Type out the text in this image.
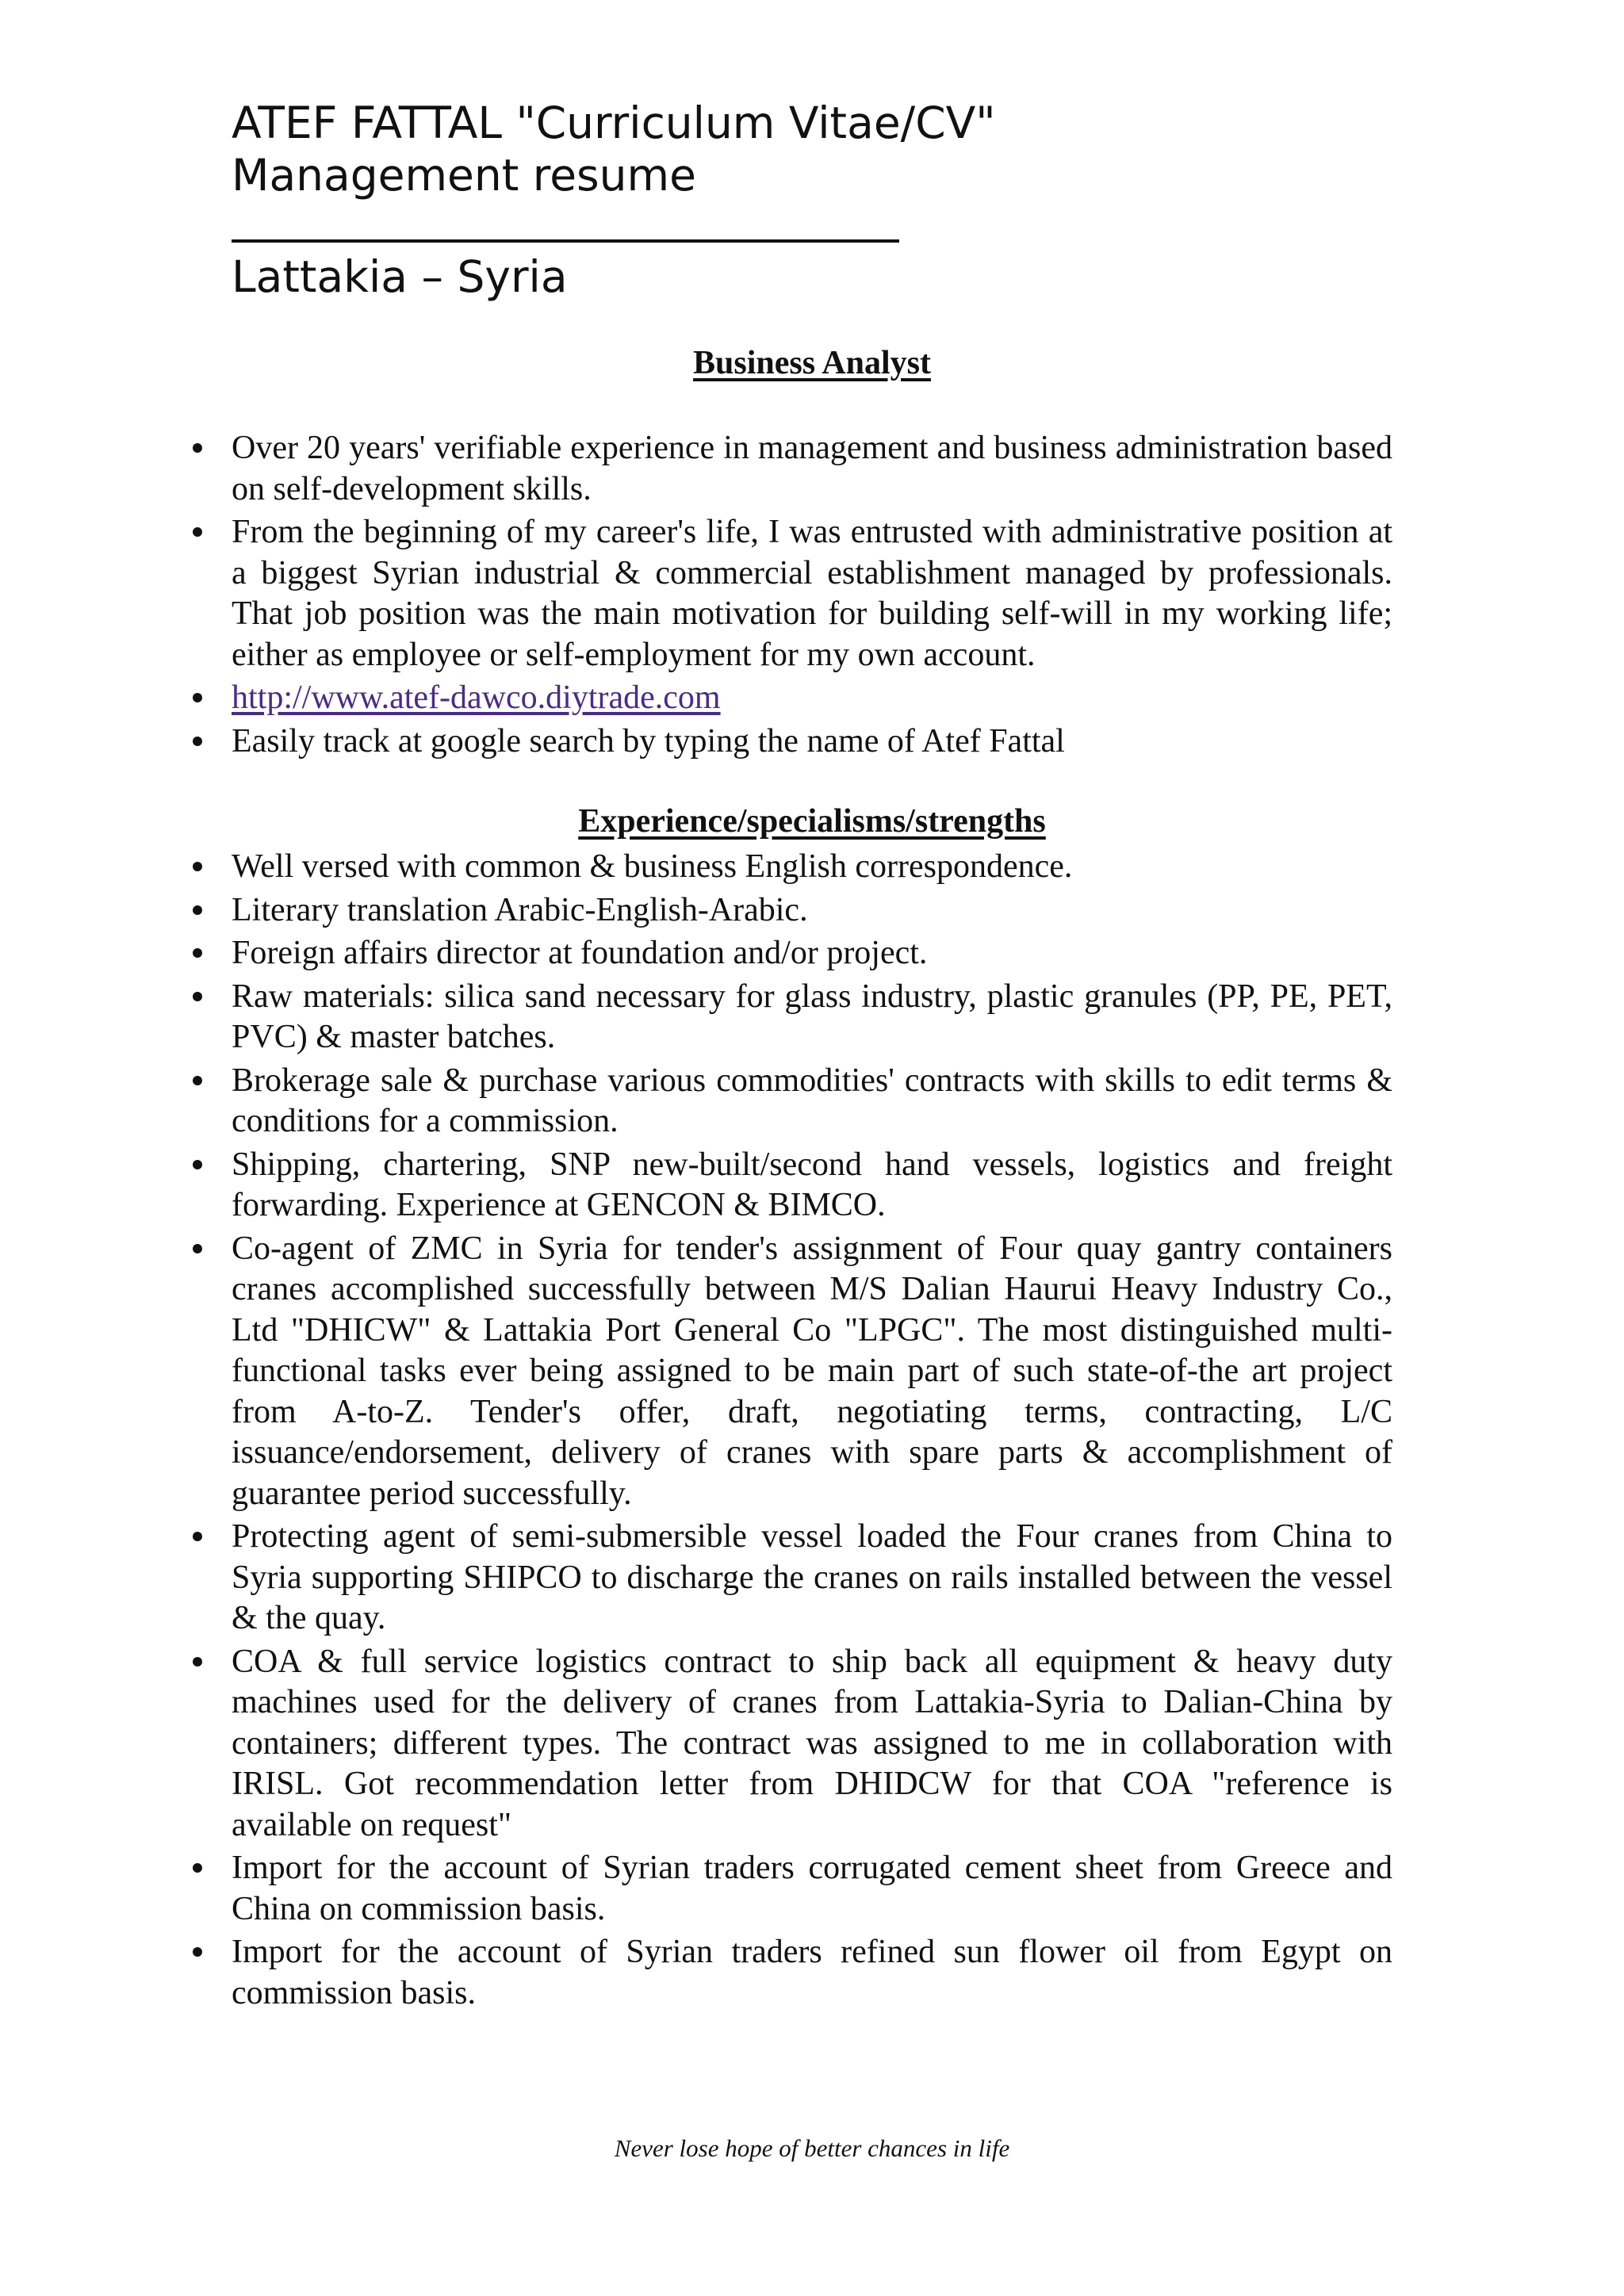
ATEF FATTAL "Curriculum Vitae/CV"
Management resume
Lattakia – Syria
Business Analyst
Over 20 years' verifiable experience in management and business administration based on self-development skills.
From the beginning of my career's life, I was entrusted with administrative position at a biggest Syrian industrial & commercial establishment managed by professionals. That job position was the main motivation for building self-will in my working life; either as employee or self-employment for my own account.
http://www.atef-dawco.diytrade.com
Easily track at google search by typing the name of Atef Fattal
Experience/specialisms/strengths
Well versed with common & business English correspondence.
Literary translation Arabic-English-Arabic.
Foreign affairs director at foundation and/or project.
Raw materials: silica sand necessary for glass industry, plastic granules (PP, PE, PET, PVC) & master batches.
Brokerage sale & purchase various commodities' contracts with skills to edit terms & conditions for a commission.
Shipping, chartering, SNP new-built/second hand vessels, logistics and freight forwarding. Experience at GENCON & BIMCO.
Co-agent of ZMC in Syria for tender's assignment of Four quay gantry containers cranes accomplished successfully between M/S Dalian Haurui Heavy Industry Co., Ltd "DHICW" & Lattakia Port General Co "LPGC". The most distinguished multi-functional tasks ever being assigned to be main part of such state-of-the art project from A-to-Z. Tender's offer, draft, negotiating terms, contracting, L/C issuance/endorsement, delivery of cranes with spare parts & accomplishment of guarantee period successfully.
Protecting agent of semi-submersible vessel loaded the Four cranes from China to Syria supporting SHIPCO to discharge the cranes on rails installed between the vessel & the quay.
COA & full service logistics contract to ship back all equipment & heavy duty machines used for the delivery of cranes from Lattakia-Syria to Dalian-China by containers; different types. The contract was assigned to me in collaboration with IRISL. Got recommendation letter from DHIDCW for that COA "reference is available on request"
Import for the account of Syrian traders corrugated cement sheet from Greece and China on commission basis.
Import for the account of Syrian traders refined sun flower oil from Egypt on commission basis.
Never lose hope of better chances in life
